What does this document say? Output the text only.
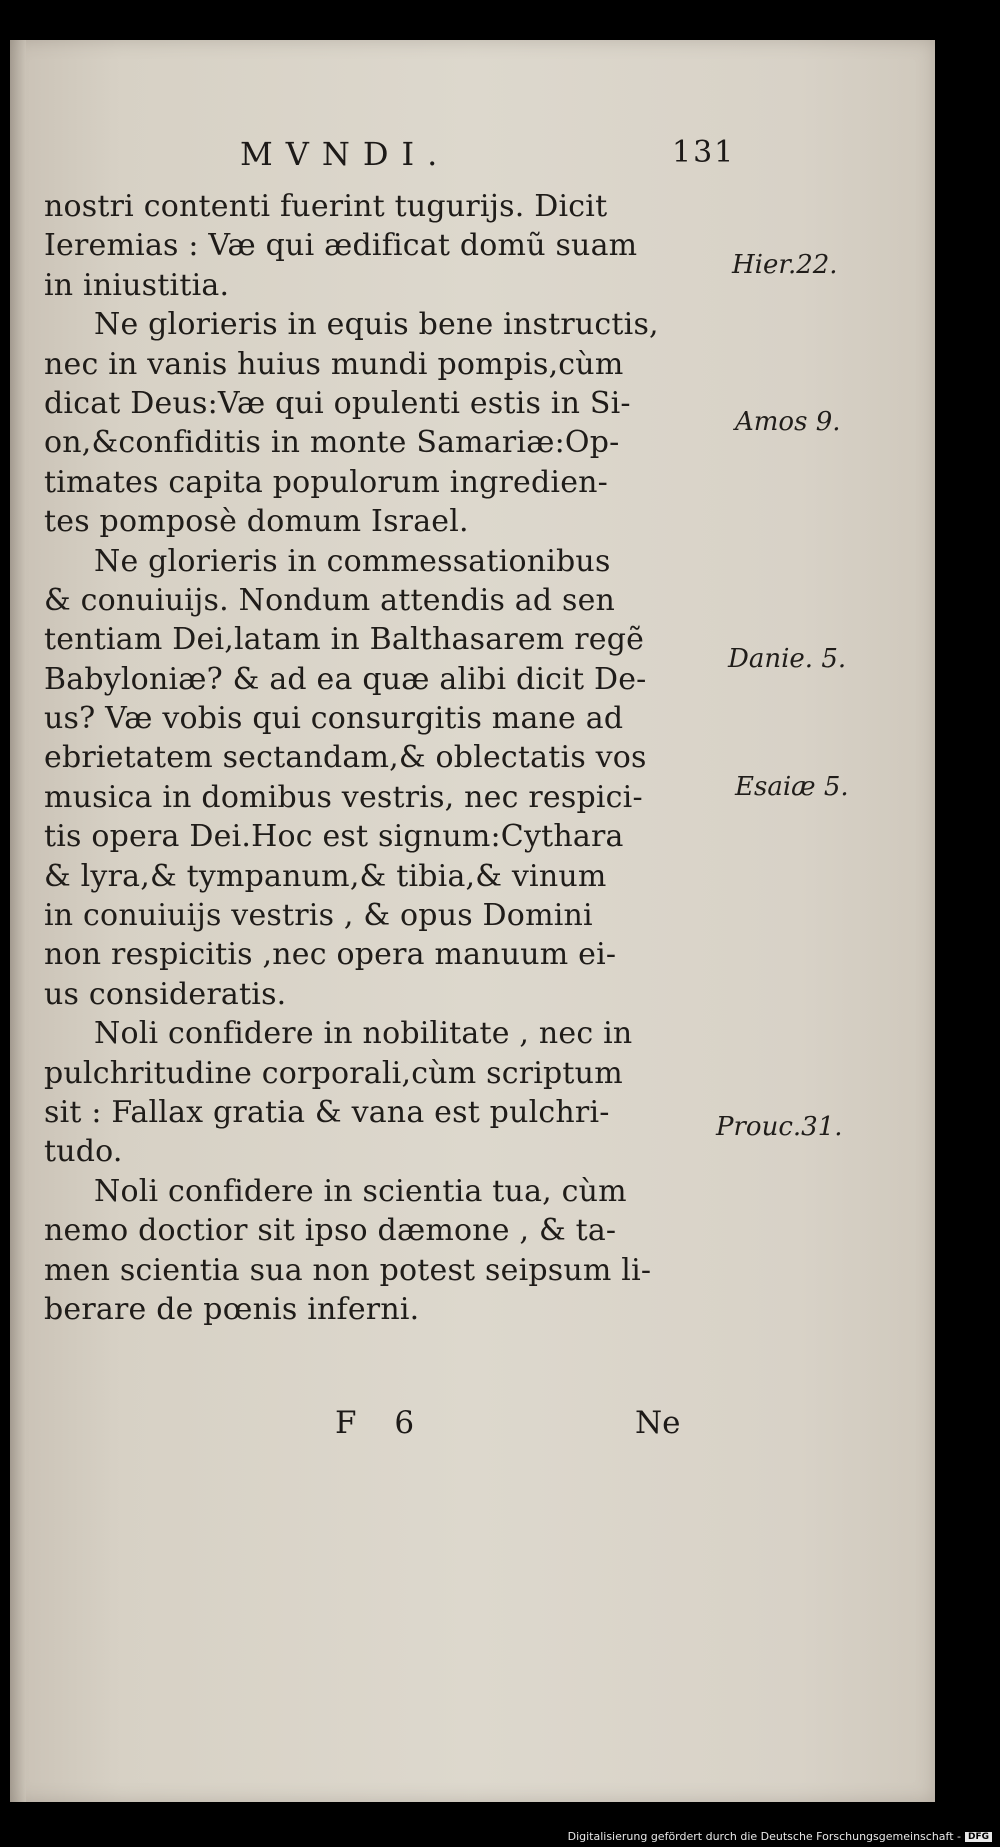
MVNDI.	131
nostri contenti fuerint tugurijs. Dicit
Ieremias : Væ qui ædificat domũ suam
in iniustitia.
Ne glorieris in equis bene instructis,
nec in vanis huius mundi pompis,cùm
dicat Deus:Væ qui opulenti estis in Si-
on,&confiditis in monte Samariæ:Op-
timates capita populorum ingredien-
tes pomposè domum Israel.
Ne glorieris in commessationibus
& conuiuijs. Nondum attendis ad sen
tentiam Dei,latam in Balthasarem regẽ
Babyloniæ? & ad ea quæ alibi dicit De-
us? Væ vobis qui consurgitis mane ad
ebrietatem sectandam,& oblectatis vos
musica in domibus vestris, nec respici-
tis opera Dei.Hoc est signum:Cythara
& lyra,& tympanum,& tibia,& vinum
in conuiuijs vestris , & opus Domini
non respicitis ,nec opera manuum ei-
us consideratis.
Noli confidere in nobilitate , nec in
pulchritudine corporali,cùm scriptum
sit : Fallax gratia & vana est pulchri-
tudo.
Noli confidere in scientia tua, cùm
nemo doctior sit ipso dæmone , & ta-
men scientia sua non potest seipsum li-
berare de pœnis inferni.
Hier.22.
Amos 9.
Danie. 5.
Esaiæ 5.
Prouc.31.
F 6	Ne
Digitalisierung gefördert durch die Deutsche Forschungsgemeinschaft - DFG
